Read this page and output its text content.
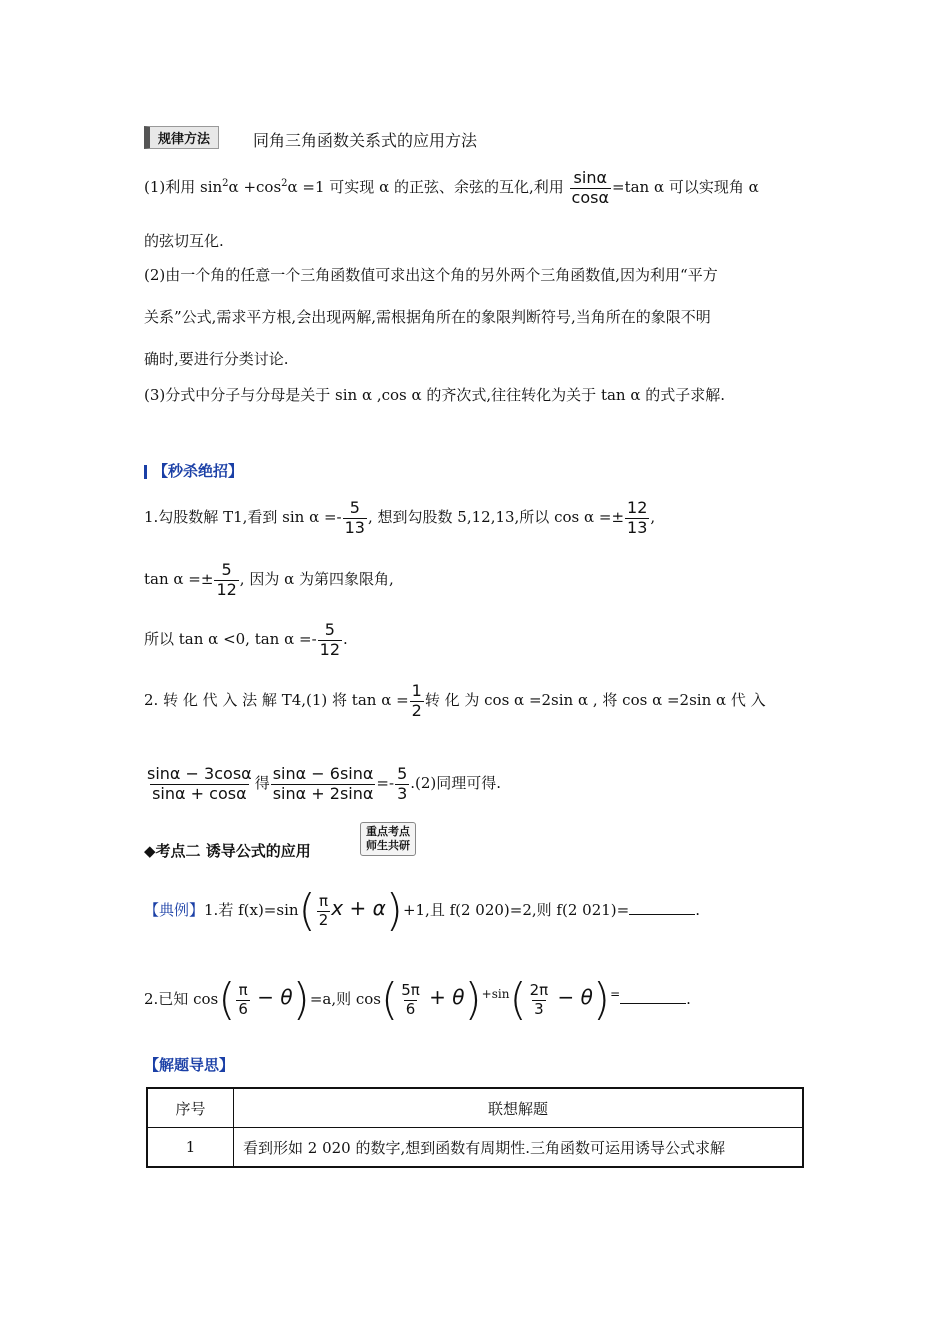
规律方法	同角三角函数关系式的应用方法
(1)利用 $\sin^2\alpha +\cos^2\alpha =1$ 可实现 α 的正弦、余弦的互化,利用 $\frac{\sin\alpha}{\cos\alpha} =\tan$ α 可以实现角 α
的弦切互化.
(2)由一个角的任意一个三角函数值可求出这个角的另外两个三角函数值,因为利用“平方
关系”公式,需求平方根,会出现两解,需根据角所在的象限判断符号,当角所在的象限不明
确时,要进行分类讨论.
(3)分式中分子与分母是关于 sin α ,cos α 的齐次式,往往转化为关于 tan α 的式子求解.
【秒杀绝招】
1.勾股数解 T1,看到 $\sin \alpha =- \frac{5}{13}$ , 想到勾股数 5,12,13,所以 $\cos \alpha =\pm \frac{12}{13}$ ,
$\tan \alpha =\pm \frac{5}{12}$ , 因为 α 为第四象限角,
所以 tan α <0, $\tan \alpha =- \frac{5}{12}$ .
2. 转 化 代 入 法 解 T4,(1) 将 $\tan \alpha = \frac{1}{2}$ 转 化 为 cos α =2sin α , 将 cos α =2sin α 代 入
$\frac{\sin\alpha - 3\cos\alpha}{\sin\alpha + \cos\alpha}$ 得 $\frac{\sin\alpha - 6\sin\alpha}{\sin\alpha + 2\sin\alpha} =- \frac{5}{3} .(2)$同理可得.
◆考点二 诱导公式的应用
重点考点
师生共研
【典例】1.若 $f(x)=\sin( \frac{\pi}{2}$ x + α)+1,且 f(2 020)=2,则 f(2 021)=	.
2.已知 $\cos( \frac{\pi}{6} - \theta)=a$,则 $\cos( \frac{5\pi}{6} + \theta)^{+sin}( \frac{2\pi}{3} - \theta)^=$	.
【解题导思】
序号	联想解题
1	看到形如 2 020 的数字,想到函数有周期性.三角函数可运用诱导公式求解
